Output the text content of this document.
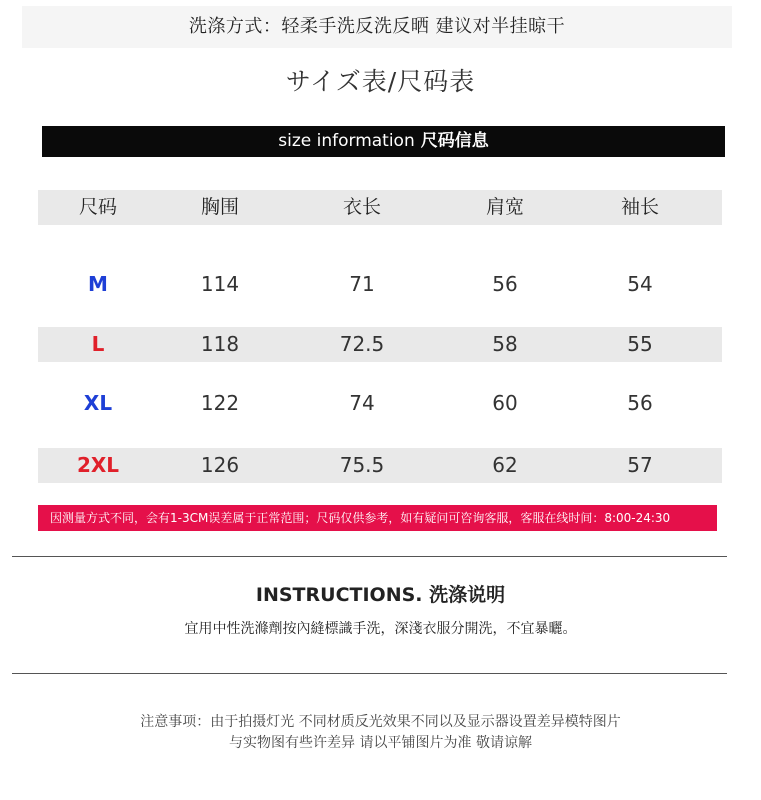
洗涤方式：轻柔手洗反洗反晒 建议对半挂晾干
サイズ表/尺码表
size information 尺码信息
尺码	胸围	衣长	肩宽	袖长
M	114	71	56	54
L	118	72.5	58	55
XL	122	74	60	56
2XL	126	75.5	62	57
因测量方式不同，会有1-3CM误差属于正常范围；尺码仅供参考，如有疑问可咨询客服，客服在线时间：8:00-24:30
INSTRUCTIONS. 洗涤说明
宜用中性洗滌劑按內縫標識手洗，深淺衣服分開洗，不宜暴曬。
注意事项：由于拍摄灯光 不同材质反光效果不同以及显示器设置差异模特图片
与实物图有些许差异 请以平铺图片为准 敬请谅解
